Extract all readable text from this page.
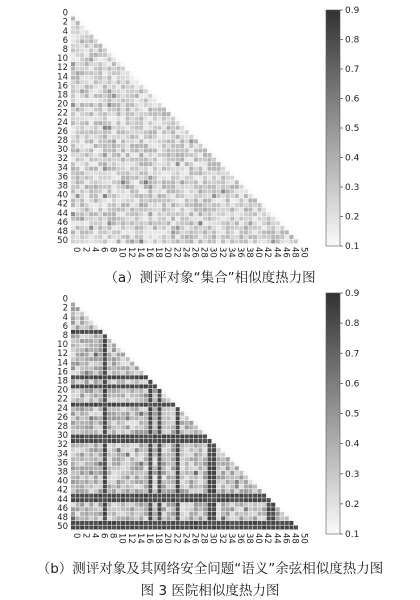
0
2
4
6
8
10
12
14
16
18
20
22
24
26
28
30
32
34
36
38
40
42
44
46
48
50
0 2 4 6 8 10 12 14 16 18 20 22 24 26 28 30 32 34 36 38 40 42 44 46 48 50	0.1
0.2
0.3
0.4
0.5
0.6
0.7
0.8
0.9
0
2
4
6
8
10
12
14
16
18
20
22
24
26
28
30
32
34
36
38
40
42
44
46
48
50
0 2 4 6 8 10 12 14 16 18 20 22 24 26 28 30 32 34 36 38 40 42 44 46 48 50	0.1
0.2
0.3
0.4
0.5
0.6
0.7
0.8
0.9
（a）测评对象“集合”相似度热力图
（b）测评对象及其网络安全问题“语义”余弦相似度热力图
图 3 医院相似度热力图
